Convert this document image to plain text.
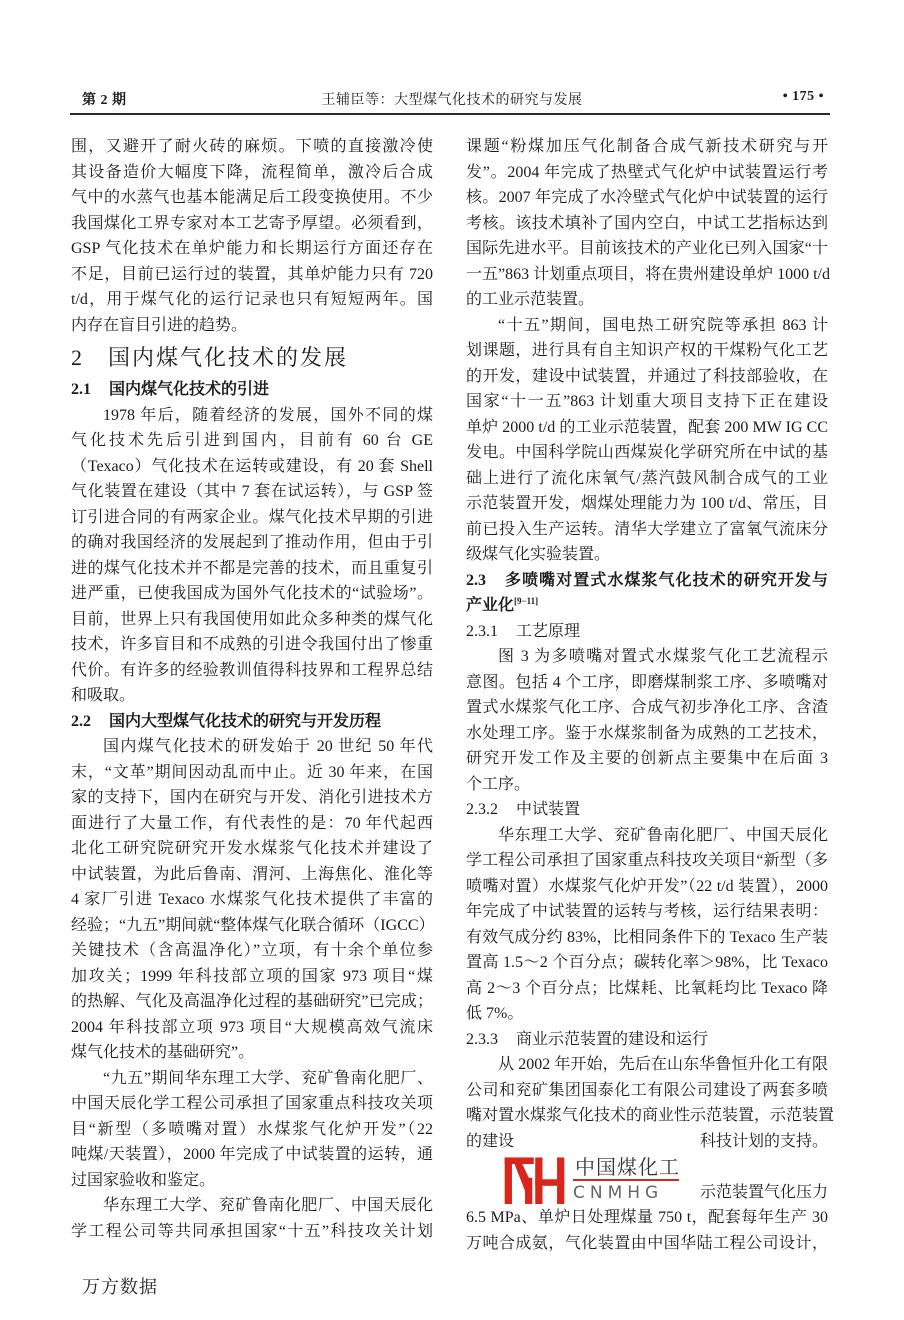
第 2 期	王辅臣等：大型煤气化技术的研究与发展	• 175 •
围，又避开了耐火砖的麻烦。下喷的直接激冷使
其设备造价大幅度下降，流程简单，激冷后合成
气中的水蒸气也基本能满足后工段变换使用。不少
我国煤化工界专家对本工艺寄予厚望。必须看到，
GSP 气化技术在单炉能力和长期运行方面还存在
不足，目前已运行过的装置，其单炉能力只有 720
t/d，用于煤气化的运行记录也只有短短两年。国
内存在盲目引进的趋势。
2 国内煤气化技术的发展
2.1 国内煤气化技术的引进
1978 年后，随着经济的发展，国外不同的煤
气化技术先后引进到国内，目前有 60 台 GE
（Texaco）气化技术在运转或建设，有 20 套 Shell
气化装置在建设（其中 7 套在试运转），与 GSP 签
订引进合同的有两家企业。煤气化技术早期的引进
的确对我国经济的发展起到了推动作用，但由于引
进的煤气化技术并不都是完善的技术，而且重复引
进严重，已使我国成为国外气化技术的“试验场”。
目前，世界上只有我国使用如此众多种类的煤气化
技术，许多盲目和不成熟的引进令我国付出了惨重
代价。有许多的经验教训值得科技界和工程界总结
和吸取。
2.2 国内大型煤气化技术的研究与开发历程
国内煤气化技术的研发始于 20 世纪 50 年代
末，“文革”期间因动乱而中止。近 30 年来，在国
家的支持下，国内在研究与开发、消化引进技术方
面进行了大量工作，有代表性的是：70 年代起西
北化工研究院研究开发水煤浆气化技术并建设了
中试装置，为此后鲁南、渭河、上海焦化、淮化等
4 家厂引进 Texaco 水煤浆气化技术提供了丰富的
经验；“九五”期间就“整体煤气化联合循环（IGCC）
关键技术（含高温净化）”立项，有十余个单位参
加攻关；1999 年科技部立项的国家 973 项目“煤
的热解、气化及高温净化过程的基础研究”已完成；
2004 年科技部立项 973 项目“大规模高效气流床
煤气化技术的基础研究”。
“九五”期间华东理工大学、兖矿鲁南化肥厂、
中国天辰化学工程公司承担了国家重点科技攻关项
目“新型（多喷嘴对置）水煤浆气化炉开发”（22
吨煤/天装置），2000 年完成了中试装置的运转，通
过国家验收和鉴定。
华东理工大学、兖矿鲁南化肥厂、中国天辰化
学工程公司等共同承担国家“十五”科技攻关计划
课题“粉煤加压气化制备合成气新技术研究与开
发”。2004 年完成了热壁式气化炉中试装置运行考
核。2007 年完成了水冷壁式气化炉中试装置的运行
考核。该技术填补了国内空白，中试工艺指标达到
国际先进水平。目前该技术的产业化已列入国家“十
一五”863 计划重点项目，将在贵州建设单炉 1000 t/d
的工业示范装置。
“十五”期间，国电热工研究院等承担 863 计
划课题，进行具有自主知识产权的干煤粉气化工艺
的开发，建设中试装置，并通过了科技部验收，在
国家“十一五”863 计划重大项目支持下正在建设
单炉 2000 t/d 的工业示范装置，配套 200 MW IG CC
发电。中国科学院山西煤炭化学研究所在中试的基
础上进行了流化床氧气/蒸汽鼓风制合成气的工业
示范装置开发，烟煤处理能力为 100 t/d、常压，目
前已投入生产运转。清华大学建立了富氧气流床分
级煤气化实验装置。
2.3 多喷嘴对置式水煤浆气化技术的研究开发与
产业化[9−11]
2.3.1 工艺原理
图 3 为多喷嘴对置式水煤浆气化工艺流程示
意图。包括 4 个工序，即磨煤制浆工序、多喷嘴对
置式水煤浆气化工序、合成气初步净化工序、含渣
水处理工序。鉴于水煤浆制备为成熟的工艺技术，
研究开发工作及主要的创新点主要集中在后面 3
个工序。
2.3.2 中试装置
华东理工大学、兖矿鲁南化肥厂、中国天辰化
学工程公司承担了国家重点科技攻关项目“新型（多
喷嘴对置）水煤浆气化炉开发”（22 t/d 装置），2000
年完成了中试装置的运转与考核，运行结果表明：
有效气成分约 83%，比相同条件下的 Texaco 生产装
置高 1.5～2 个百分点；碳转化率＞98%，比 Texaco
高 2～3 个百分点；比煤耗、比氧耗均比 Texaco 降
低 7%。
2.3.3 商业示范装置的建设和运行
从 2002 年开始，先后在山东华鲁恒升化工有限
公司和兖矿集团国泰化工有限公司建设了两套多喷
嘴对置水煤浆气化技术的商业性示范装置，示范装置
的建设	科技计划的支持。
示范装置气化压力
6.5 MPa、单炉日处理煤量 750 t，配套每年生产 30
万吨合成氨，气化装置由中国华陆工程公司设计，
万方数据
中国煤化工
CNMHG
